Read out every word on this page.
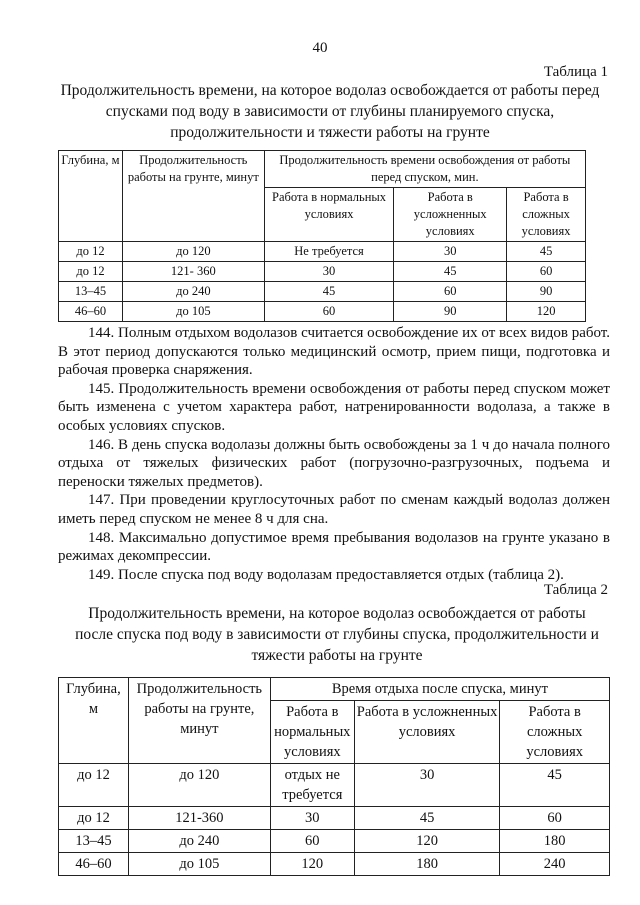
40
Таблица 1
Продолжительность времени, на которое водолаз освобождается от работы перед спусками под воду в зависимости от глубины планируемого спуска, продолжительности и тяжести работы на грунте
Глубина, м	Продолжительность работы на грунте, минут	Продолжительность времени освобождения от работы перед спуском, мин.		
		Работа в нормальных условиях	Работа в усложненных условиях	Работа в сложных условиях
до 12	до 120	Не требуется	30	45
до 12	121- 360	30	45	60
13–45	до 240	45	60	90
46–60	до 105	60	90	120

144. Полным отдыхом водолазов считается освобождение их от всех видов работ. В этот период допускаются только медицинский осмотр, прием пищи, подготовка и рабочая проверка снаряжения.

145. Продолжительность времени освобождения от работы перед спуском может быть изменена с учетом характера работ, натренированности водолаза, а также в особых условиях спусков.

146. В день спуска водолазы должны быть освобождены за 1 ч до начала полного отдыха от тяжелых физических работ (погрузочно-разгрузочных, подъема и переноски тяжелых предметов).

147. При проведении круглосуточных работ по сменам каждый водолаз должен иметь перед спуском не менее 8 ч для сна.

148. Максимально допустимое время пребывания водолазов на грунте указано в режимах декомпрессии.

149. После спуска под воду водолазам предоставляется отдых (таблица 2).

Таблица 2
Продолжительность времени, на которое водолаз освобождается от работы после спуска под воду в зависимости от глубины спуска, продолжительности и тяжести работы на грунте
Глубина, м	Продолжительность работы на грунте, минут	Время отдыха после спуска, минут		
		Работа в нормальных условиях	Работа в усложненных условиях	Работа в сложных условиях
до 12	до 120	отдых не требуется	30	45
до 12	121-360	30	45	60
13–45	до 240	60	120	180
46–60	до 105	120	180	240
